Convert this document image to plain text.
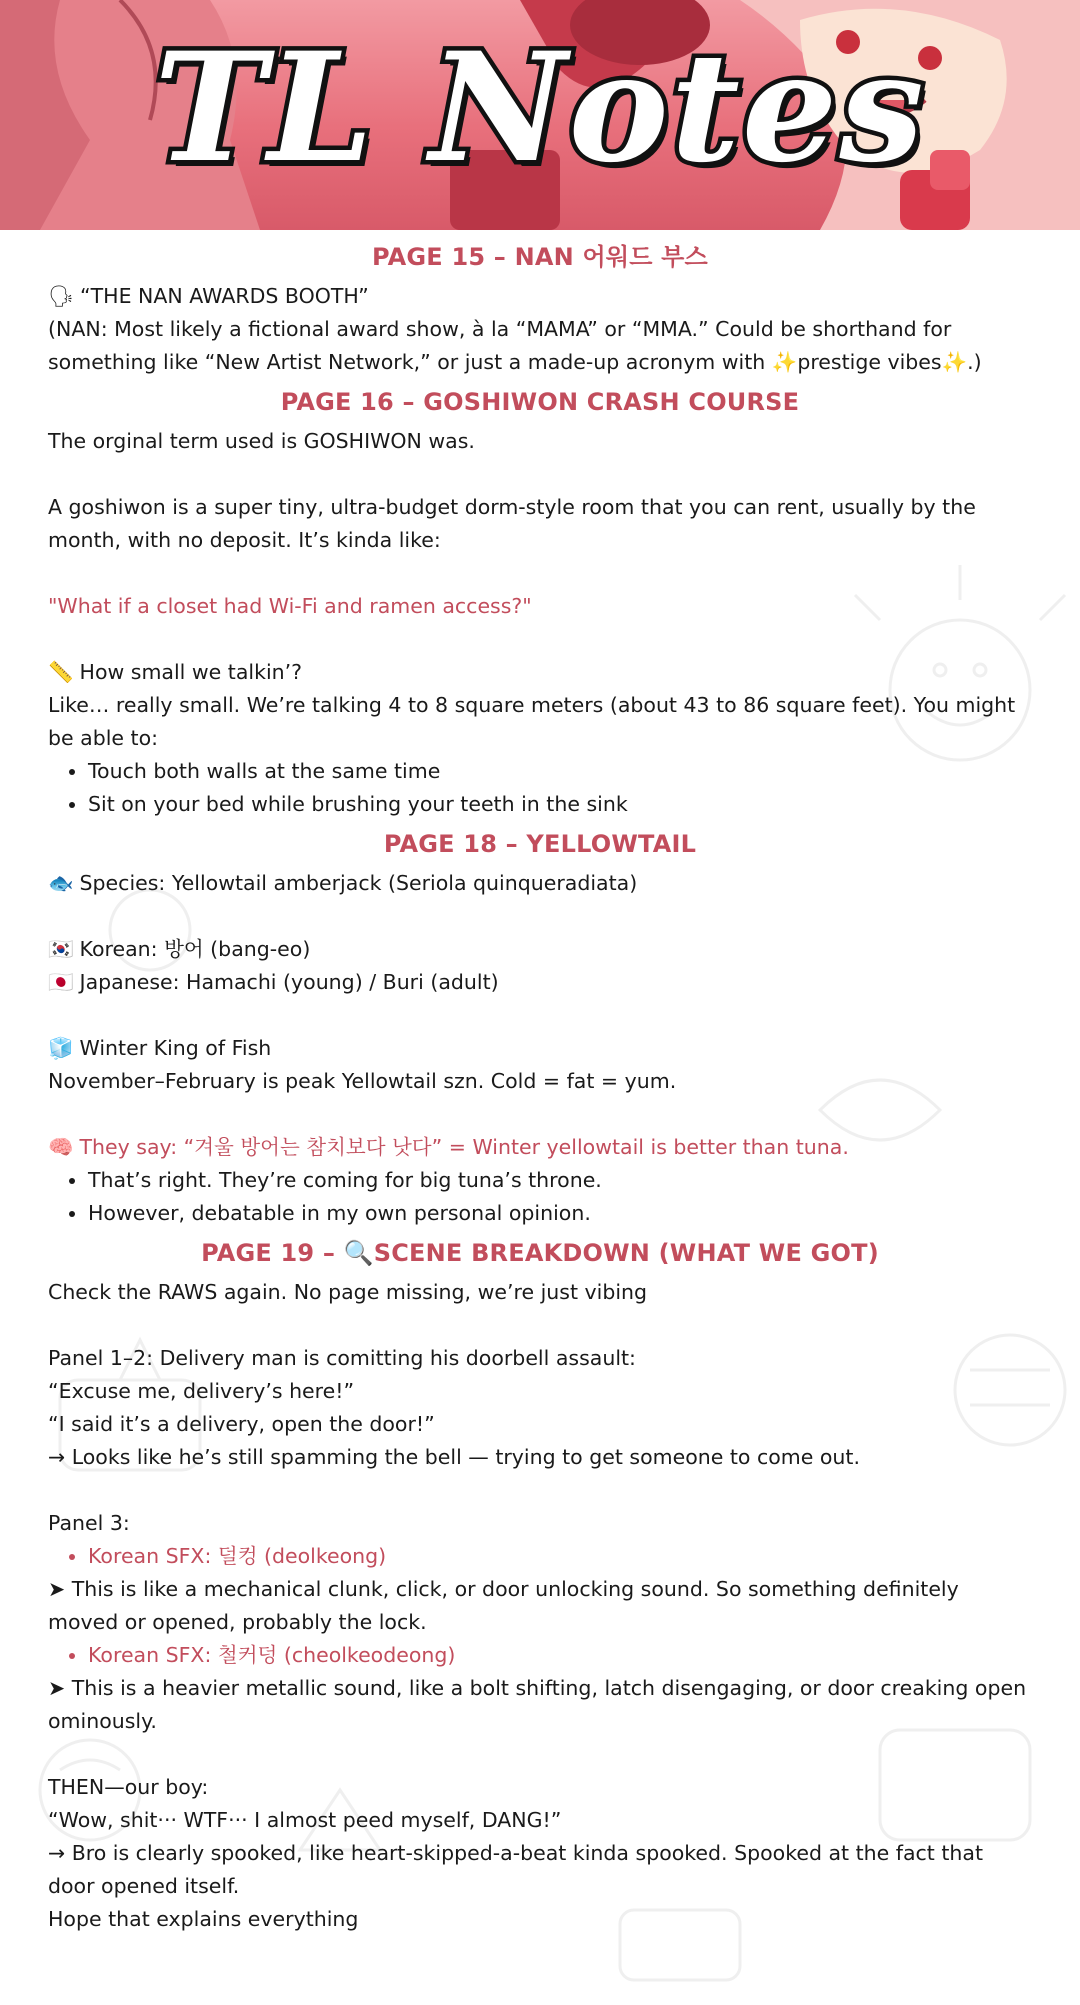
TL Notes
PAGE 15 – NAN 어워드 부스

🗣 “THE NAN AWARDS BOOTH”

(NAN: Most likely a fictional award show, à la “MAMA” or “MMA.” Could be shorthand for something like “New Artist Network,” or just a made-up acronym with ✨prestige vibes✨.)

PAGE 16 – GOSHIWON CRASH COURSE

The orginal term used is GOSHIWON was.

A goshiwon is a super tiny, ultra-budget dorm-style room that you can rent, usually by the month, with no deposit. It’s kinda like:

"What if a closet had Wi-Fi and ramen access?"

📏 How small we talkin’?

Like… really small. We’re talking 4 to 8 square meters (about 43 to 86 square feet). You might be able to:

• Touch both walls at the same time
• Sit on your bed while brushing your teeth in the sink
PAGE 18 – YELLOWTAIL

🐟 Species: Yellowtail amberjack (Seriola quinqueradiata)

🇰🇷 Korean: 방어 (bang-eo)

🇯🇵 Japanese: Hamachi (young) / Buri (adult)

🧊 Winter King of Fish

November–February is peak Yellowtail szn. Cold = fat = yum.

🧠 They say: “겨울 방어는 참치보다 낫다” = Winter yellowtail is better than tuna.

• That’s right. They’re coming for big tuna’s throne.
• However, debatable in my own personal opinion.
PAGE 19 – 🔍SCENE BREAKDOWN (WHAT WE GOT)

Check the RAWS again. No page missing, we’re just vibing

Panel 1–2: Delivery man is comitting his doorbell assault:

“Excuse me, delivery’s here!”

“I said it’s a delivery, open the door!”

→ Looks like he’s still spamming the bell — trying to get someone to come out.

Panel 3:

• Korean SFX: 덜컹 (deolkeong)

➤ This is like a mechanical clunk, click, or door unlocking sound. So something definitely moved or opened, probably the lock.

• Korean SFX: 철커덩 (cheolkeodeong)

➤ This is a heavier metallic sound, like a bolt shifting, latch disengaging, or door creaking open ominously.

THEN—our boy:

“Wow, shit··· WTF··· I almost peed myself, DANG!”

→ Bro is clearly spooked, like heart-skipped-a-beat kinda spooked. Spooked at the fact that door opened itself.

Hope that explains everything
